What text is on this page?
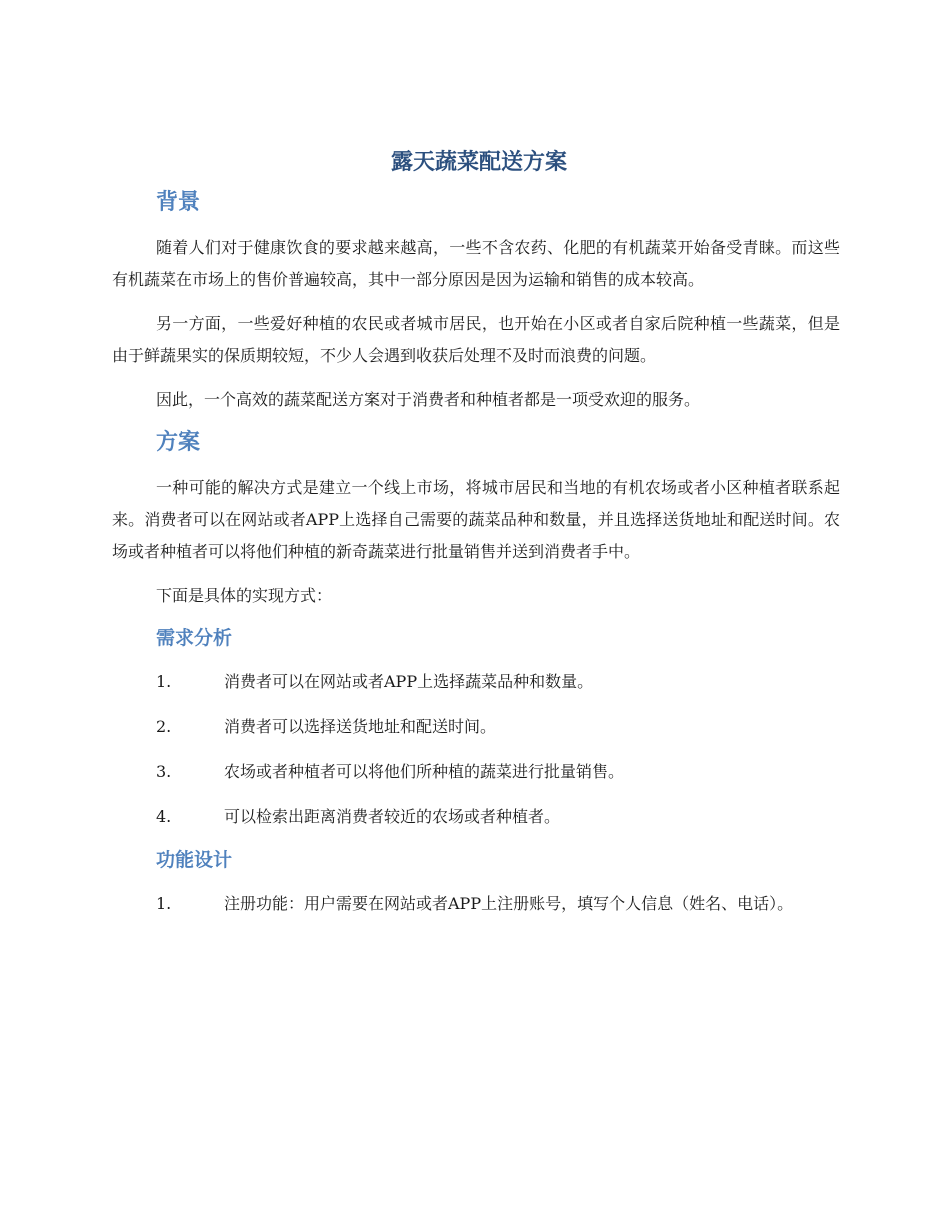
露天蔬菜配送方案
背景

随着人们对于健康饮食的要求越来越高，一些不含农药、化肥的有机蔬菜开始备受青睐。而这些有机蔬菜在市场上的售价普遍较高，其中一部分原因是因为运输和销售的成本较高。

另一方面，一些爱好种植的农民或者城市居民，也开始在小区或者自家后院种植一些蔬菜，但是由于鲜蔬果实的保质期较短，不少人会遇到收获后处理不及时而浪费的问题。

因此，一个高效的蔬菜配送方案对于消费者和种植者都是一项受欢迎的服务。

方案

一种可能的解决方式是建立一个线上市场，将城市居民和当地的有机农场或者小区种植者联系起来。消费者可以在网站或者APP上选择自己需要的蔬菜品种和数量，并且选择送货地址和配送时间。农场或者种植者可以将他们种植的新奇蔬菜进行批量销售并送到消费者手中。

下面是具体的实现方式：

需求分析
1.	消费者可以在网站或者APP上选择蔬菜品种和数量。
2.	消费者可以选择送货地址和配送时间。
3.	农场或者种植者可以将他们所种植的蔬菜进行批量销售。
4.	可以检索出距离消费者较近的农场或者种植者。
功能设计

1.	注册功能：用户需要在网站或者APP上注册账号，填写个人信息（姓名、电话）。
